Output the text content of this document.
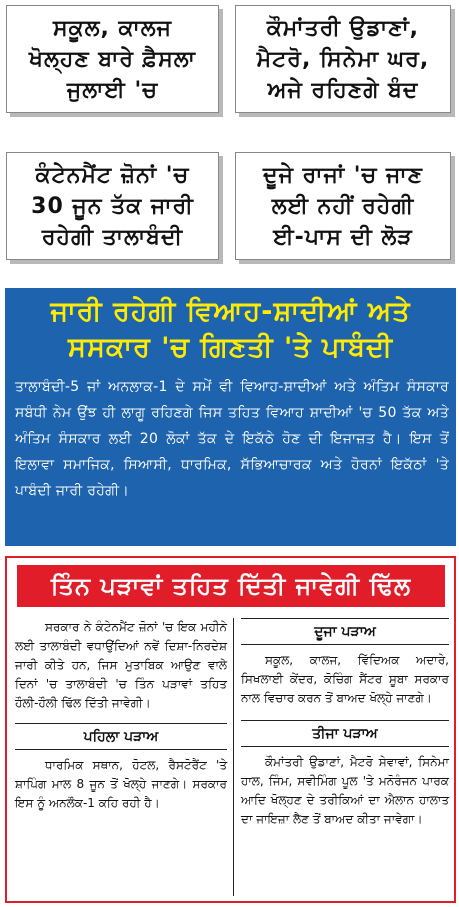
ਸਕੂਲ, ਕਾਲਜ
ਖੋਲ੍ਹਣ ਬਾਰੇ ਫ਼ੈਸਲਾ
ਜੁਲਾਈ 'ਚ
ਕੌਮਾਂਤਰੀ ਉਡਾਣਾਂ,
ਮੈਟਰੋ, ਸਿਨੇਮਾ ਘਰ,
ਅਜੇ ਰਹਿਣਗੇ ਬੰਦ
ਕੰਟੇਨਮੈਂਟ ਜ਼ੋਨਾਂ 'ਚ
30 ਜੂਨ ਤੱਕ ਜਾਰੀ
ਰਹੇਗੀ ਤਾਲਾਬੰਦੀ
ਦੂਜੇ ਰਾਜਾਂ 'ਚ ਜਾਣ
ਲਈ ਨਹੀਂ ਰਹੇਗੀ
ਈ-ਪਾਸ ਦੀ ਲੋੜ
ਜਾਰੀ ਰਹੇਗੀ ਵਿਆਹ-ਸ਼ਾਦੀਆਂ ਅਤੇ
ਸਸਕਾਰ 'ਚ ਗਿਣਤੀ 'ਤੇ ਪਾਬੰਦੀ
ਤਾਲਾਬੰਦੀ-5 ਜਾਂ ਅਨਲਾਕ-1 ਦੇ ਸਮੇਂ ਵੀ ਵਿਆਹ-ਸ਼ਾਦੀਆਂ ਅਤੇ ਅੰਤਿਮ ਸੰਸਕਾਰ ਸਬੰਧੀ ਨੇਮ ਉਂਝ ਹੀ ਲਾਗੂ ਰਹਿਣਗੇ ਜਿਸ ਤਹਿਤ ਵਿਆਹ ਸ਼ਾਦੀਆਂ 'ਚ 50 ਤੱਕ ਅਤੇ ਅੰਤਿਮ ਸੰਸਕਾਰ ਲਈ 20 ਲੋਕਾਂ ਤੱਕ ਦੇ ਇਕੱਠੇ ਹੋਣ ਦੀ ਇਜਾਜ਼ਤ ਹੈ। ਇਸ ਤੋਂ ਇਲਾਵਾ ਸਮਾਜਿਕ, ਸਿਆਸੀ, ਧਾਰਮਿਕ, ਸੱਭਿਆਚਾਰਕ ਅਤੇ ਹੋਰਨਾਂ ਇਕੱਠਾਂ 'ਤੇ ਪਾਬੰਦੀ ਜਾਰੀ ਰਹੇਗੀ।
ਤਿੰਨ ਪੜਾਵਾਂ ਤਹਿਤ ਦਿੱਤੀ ਜਾਵੇਗੀ ਢਿੱਲ
ਸਰਕਾਰ ਨੇ ਕੰਟੇਨਮੈਂਟ ਜ਼ੋਨਾਂ 'ਚ ਇਕ ਮਹੀਨੇ ਲਈ ਤਾਲਾਬੰਦੀ ਵਧਾਉਂਦਿਆਂ ਨਵੇਂ ਦਿਸ਼ਾ-ਨਿਰਦੇਸ਼ ਜਾਰੀ ਕੀਤੇ ਹਨ, ਜਿਸ ਮੁਤਾਬਿਕ ਆਉਣ ਵਾਲੇ ਦਿਨਾਂ 'ਚ ਤਾਲਾਬੰਦੀ 'ਚ ਤਿੰਨ ਪੜਾਵਾਂ ਤਹਿਤ ਹੌਲੀ-ਹੌਲੀ ਢਿੱਲ ਦਿੱਤੀ ਜਾਵੇਗੀ।
ਪਹਿਲਾ ਪੜਾਅ
ਧਾਰਮਿਕ ਸਥਾਨ, ਹੋਟਲ, ਰੈਸਟੋਰੈਂਟ 'ਤੇ ਸ਼ਾਪਿੰਗ ਮਾਲ 8 ਜੂਨ ਤੋਂ ਖੋਲ੍ਹੇ ਜਾਣਗੇ। ਸਰਕਾਰ ਇਸ ਨੂੰ ਅਨਲੌਕ-1 ਕਹਿ ਰਹੀ ਹੈ।
ਦੂਜਾ ਪੜਾਅ
ਸਕੂਲ, ਕਾਲਜ, ਵਿੱਦਿਅਕ ਅਦਾਰੇ, ਸਿਖਲਾਈ ਕੇਂਦਰ, ਕੋਚਿੰਗ ਸੈਂਟਰ ਸੂਬਾ ਸਰਕਾਰ ਨਾਲ ਵਿਚਾਰ ਕਰਨ ਤੋਂ ਬਾਅਦ ਖੋਲ੍ਹੇ ਜਾਣਗੇ।
ਤੀਜਾ ਪੜਾਅ
ਕੌਮਾਂਤਰੀ ਉਡਾਣਾਂ, ਮੈਟਰੋ ਸੇਵਾਵਾਂ, ਸਿਨੇਮਾ ਹਾਲ, ਜਿੰਮ, ਸਵੀਮਿੰਗ ਪੂਲ 'ਤੇ ਮਨੋਰੰਜਨ ਪਾਰਕ ਆਦਿ ਖੋਲ੍ਹਣ ਦੇ ਤਰੀਕਿਆਂ ਦਾ ਐਲਾਨ ਹਾਲਾਤ ਦਾ ਜਾਇਜ਼ਾ ਲੈਣ ਤੋਂ ਬਾਅਦ ਕੀਤਾ ਜਾਵੇਗਾ।
